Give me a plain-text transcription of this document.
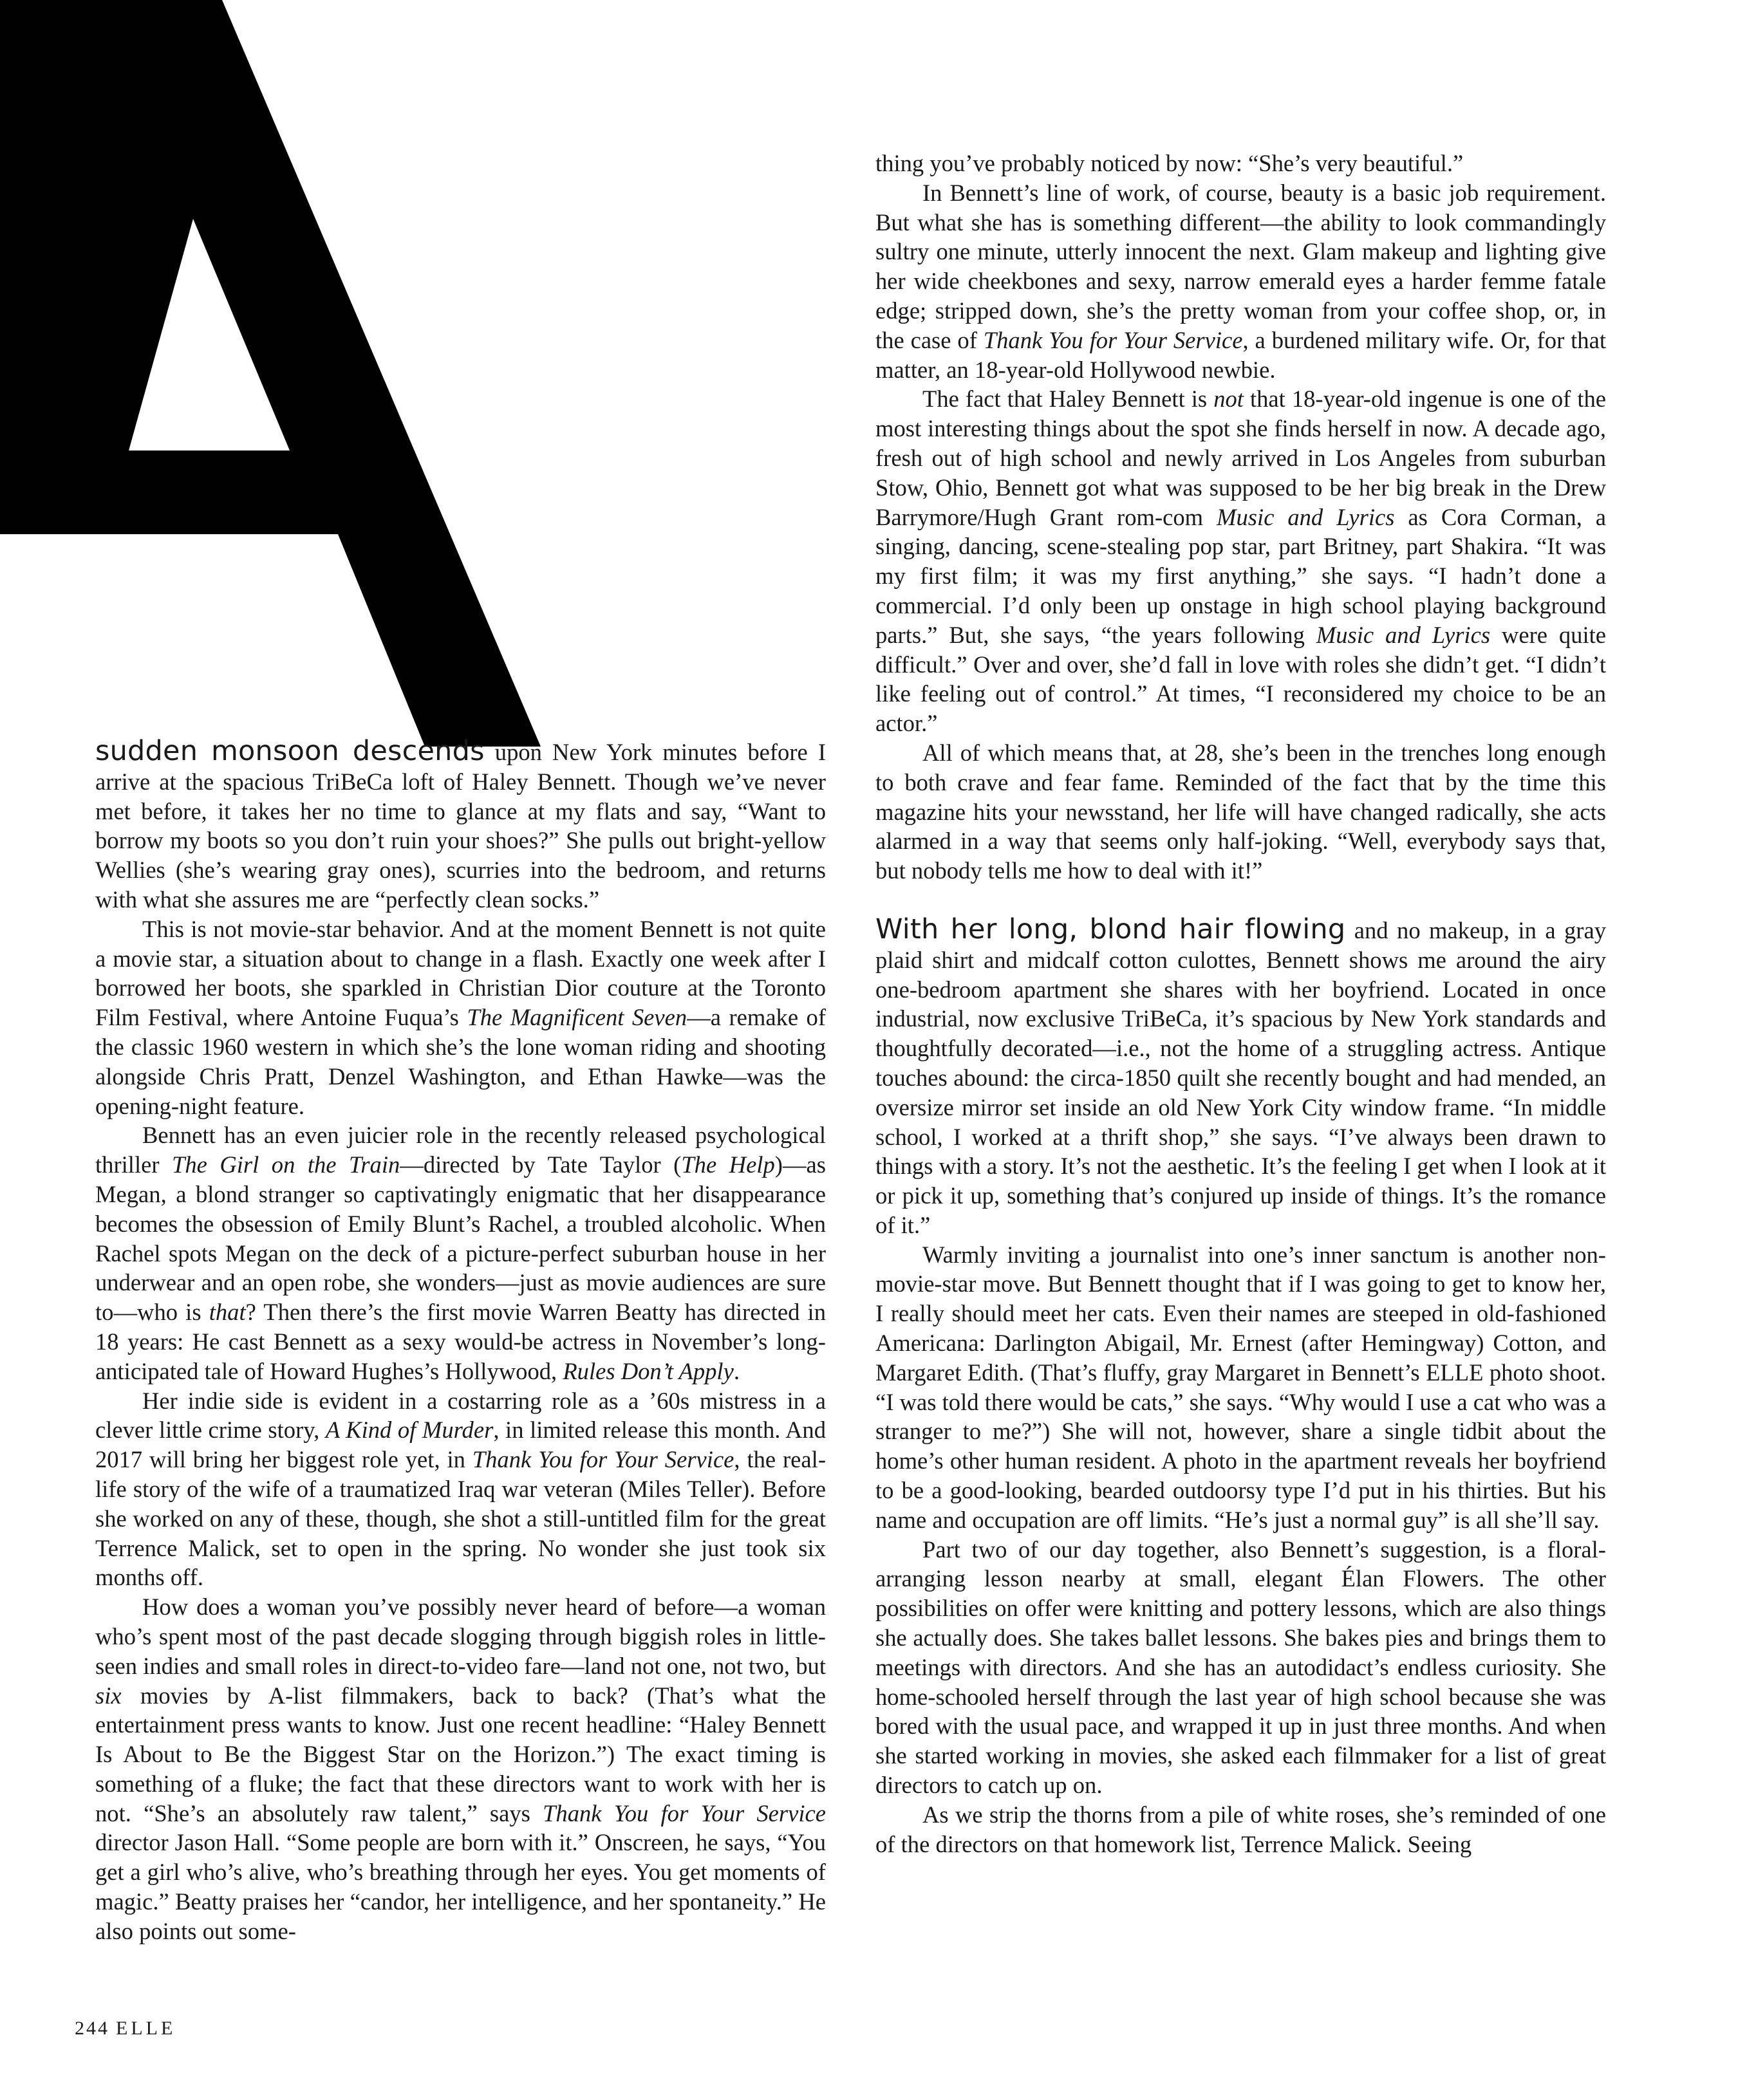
sudden monsoon descends upon New York minutes before I arrive at the spacious TriBeCa loft of Haley Bennett. Though we’ve never met before, it takes her no time to glance at my flats and say, “Want to borrow my boots so you don’t ruin your shoes?” She pulls out bright-yellow Wellies (she’s wearing gray ones), scurries into the bedroom, and returns with what she assures me are “perfectly clean socks.”

This is not movie-star behavior. And at the moment Bennett is not quite a movie star, a situation about to change in a flash. Exactly one week after I borrowed her boots, she sparkled in Christian Dior couture at the Toronto Film Festival, where Antoine Fuqua’s The Magnificent Seven—a remake of the classic 1960 western in which she’s the lone woman riding and shooting alongside Chris Pratt, Denzel Washington, and Ethan Hawke—was the opening-night feature.

Bennett has an even juicier role in the recently released psychological thriller The Girl on the Train—directed by Tate Taylor (The Help)—as Megan, a blond stranger so captivatingly enigmatic that her disappearance becomes the obsession of Emily Blunt’s Rachel, a troubled alcoholic. When Rachel spots Megan on the deck of a picture-perfect suburban house in her underwear and an open robe, she wonders—just as movie audiences are sure to—who is that? Then there’s the first movie Warren Beatty has directed in 18 years: He cast Bennett as a sexy would-be actress in November’s long-anticipated tale of Howard Hughes’s Hollywood, Rules Don’t Apply.

Her indie side is evident in a costarring role as a ’60s mistress in a clever little crime story, A Kind of Murder, in limited release this month. And 2017 will bring her biggest role yet, in Thank You for Your Service, the real-life story of the wife of a traumatized Iraq war veteran (Miles Teller). Before she worked on any of these, though, she shot a still-untitled film for the great Terrence Malick, set to open in the spring. No wonder she just took six months off.

How does a woman you’ve possibly never heard of before—a woman who’s spent most of the past decade slogging through biggish roles in little-seen indies and small roles in direct-to-video fare—land not one, not two, but six movies by A-list filmmakers, back to back? (That’s what the entertainment press wants to know. Just one recent headline: “Haley Bennett Is About to Be the Biggest Star on the Horizon.”) The exact timing is something of a fluke; the fact that these directors want to work with her is not. “She’s an absolutely raw talent,” says Thank You for Your Service director Jason Hall. “Some people are born with it.” Onscreen, he says, “You get a girl who’s alive, who’s breathing through her eyes. You get moments of magic.” Beatty praises her “candor, her intelligence, and her spontaneity.” He also points out some-

thing you’ve probably noticed by now: “She’s very beautiful.”

In Bennett’s line of work, of course, beauty is a basic job requirement. But what she has is something different—the ability to look commandingly sultry one minute, utterly innocent the next. Glam makeup and lighting give her wide cheekbones and sexy, narrow emerald eyes a harder femme fatale edge; stripped down, she’s the pretty woman from your coffee shop, or, in the case of Thank You for Your Service, a burdened military wife. Or, for that matter, an 18-year-old Hollywood newbie.

The fact that Haley Bennett is not that 18-year-old ingenue is one of the most interesting things about the spot she finds herself in now. A decade ago, fresh out of high school and newly arrived in Los Angeles from suburban Stow, Ohio, Bennett got what was supposed to be her big break in the Drew Barrymore/Hugh Grant rom-com Music and Lyrics as Cora Corman, a singing, dancing, scene-stealing pop star, part Britney, part Shakira. “It was my first film; it was my first anything,” she says. “I hadn’t done a commercial. I’d only been up onstage in high school playing background parts.” But, she says, “the years following Music and Lyrics were quite difficult.” Over and over, she’d fall in love with roles she didn’t get. “I didn’t like feeling out of control.” At times, “I reconsidered my choice to be an actor.”

All of which means that, at 28, she’s been in the trenches long enough to both crave and fear fame. Reminded of the fact that by the time this magazine hits your newsstand, her life will have changed radically, she acts alarmed in a way that seems only half-joking. “Well, everybody says that, but nobody tells me how to deal with it!”

With her long, blond hair flowing and no makeup, in a gray plaid shirt and midcalf cotton culottes, Bennett shows me around the airy one-bedroom apartment she shares with her boyfriend. Located in once industrial, now exclusive TriBeCa, it’s spacious by New York standards and thoughtfully decorated—i.e., not the home of a struggling actress. Antique touches abound: the circa-1850 quilt she recently bought and had mended, an oversize mirror set inside an old New York City window frame. “In middle school, I worked at a thrift shop,” she says. “I’ve always been drawn to things with a story. It’s not the aesthetic. It’s the feeling I get when I look at it or pick it up, something that’s conjured up inside of things. It’s the romance of it.”

Warmly inviting a journalist into one’s inner sanctum is another non-movie-star move. But Bennett thought that if I was going to get to know her, I really should meet her cats. Even their names are steeped in old-fashioned Americana: Darlington Abigail, Mr. Ernest (after Hemingway) Cotton, and Margaret Edith. (That’s fluffy, gray Margaret in Bennett’s ELLE photo shoot. “I was told there would be cats,” she says. “Why would I use a cat who was a stranger to me?”) She will not, however, share a single tidbit about the home’s other human resident. A photo in the apartment reveals her boyfriend to be a good-looking, bearded outdoorsy type I’d put in his thirties. But his name and occupation are off limits. “He’s just a normal guy” is all she’ll say.

Part two of our day together, also Bennett’s suggestion, is a floral-arranging lesson nearby at small, elegant Élan Flowers. The other possibilities on offer were knitting and pottery lessons, which are also things she actually does. She takes ballet lessons. She bakes pies and brings them to meetings with directors. And she has an autodidact’s endless curiosity. She home-schooled herself through the last year of high school because she was bored with the usual pace, and wrapped it up in just three months. And when she started working in movies, she asked each filmmaker for a list of great directors to catch up on.

As we strip the thorns from a pile of white roses, she’s reminded of one of the directors on that homework list, Terrence Malick. Seeing

244 ELLE
